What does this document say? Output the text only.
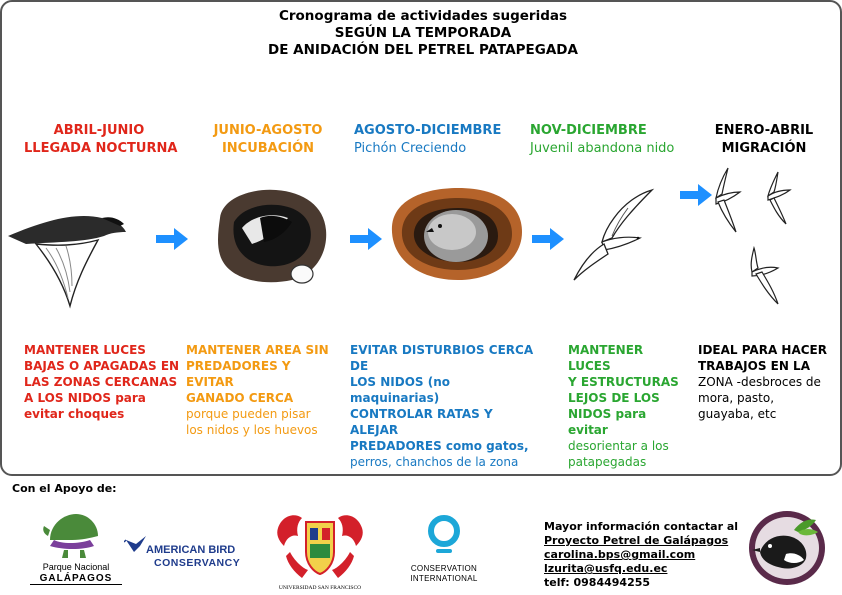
Cronograma de actividades sugeridas
SEGÚN LA TEMPORADA
DE ANIDACIÓN DEL PETREL PATAPEGADA
ABRIL-JUNIO
LLEGADA NOCTURNA
JUNIO-AGOSTO
INCUBACIÓN
AGOSTO-DICIEMBRE
Pichón Creciendo
NOV-DICIEMBRE
Juvenil abandona nido
ENERO-ABRIL
MIGRACIÓN
MANTENER LUCES
BAJAS O APAGADAS EN
LAS ZONAS CERCANAS
A LOS NIDOS para
evitar choques
MANTENER AREA SIN
PREDADORES Y EVITAR
GANADO CERCA
porque pueden pisar
los nidos y los huevos
EVITAR DISTURBIOS CERCA DE
LOS NIDOS (no maquinarias)
CONTROLAR RATAS Y ALEJAR
PREDADORES como gatos,
perros, chanchos de la zona
MANTENER LUCES
Y ESTRUCTURAS
LEJOS DE LOS
NIDOS para evitar
desorientar a los
patapegadas
IDEAL PARA HACER
TRABAJOS EN LA
ZONA -desbroces de
mora, pasto,
guayaba, etc
Con el Apoyo de:
Parque Nacional
GALÁPAGOS
AMERICAN BIRD
CONSERVANCY
UNIVERSIDAD SAN FRANCISCO
CONSERVATION
INTERNATIONAL
Mayor información contactar al
Proyecto Petrel de Galápagos
carolina.bps@gmail.com
lzurita@usfq.edu.ec
telf: 0984494255
